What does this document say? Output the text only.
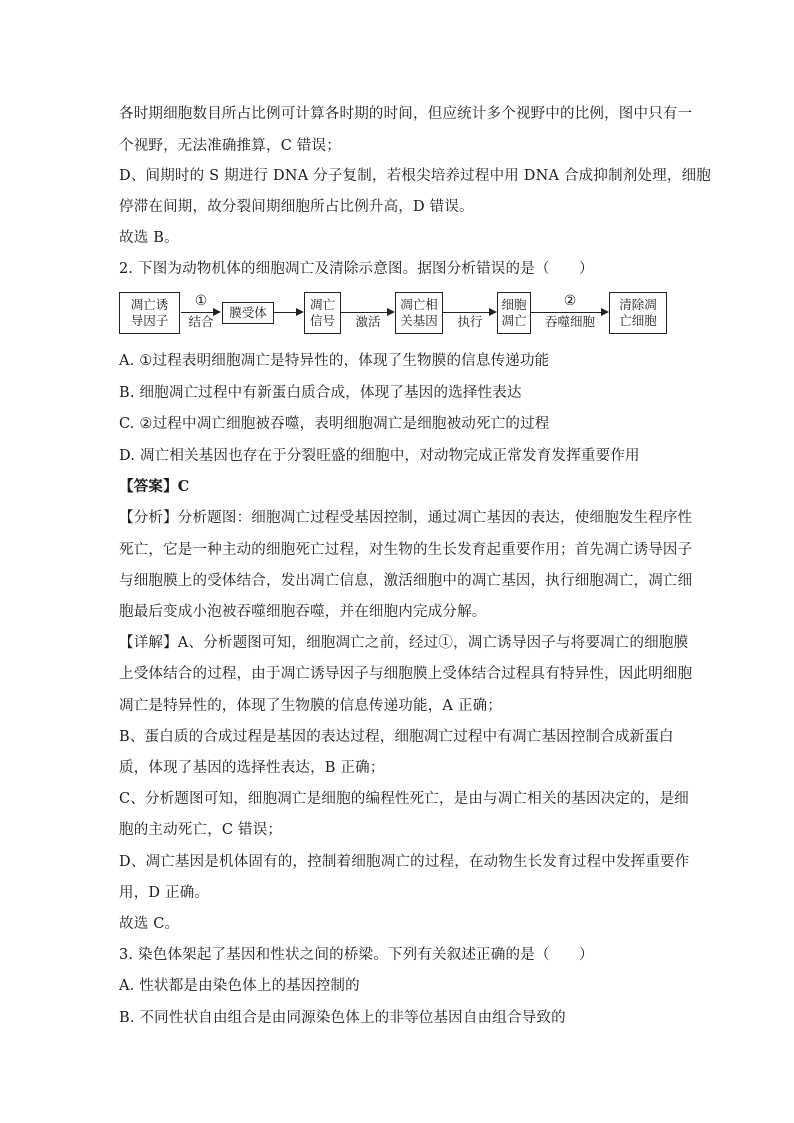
各时期细胞数目所占比例可计算各时期的时间，但应统计多个视野中的比例，图中只有一
个视野，无法准确推算，C 错误；
D、间期时的 S 期进行 DNA 分子复制，若根尖培养过程中用 DNA 合成抑制剂处理，细胞
停滞在间期，故分裂间期细胞所占比例升高，D 错误。
故选 B。
2. 下图为动物机体的细胞凋亡及清除示意图。据图分析错误的是（　　）
凋亡诱
导因子
①
结合
膜受体
凋亡
信号	激活
凋亡相
关基因	执行
细胞
凋亡
②
吞噬细胞
清除凋
亡细胞
A. ①过程表明细胞凋亡是特异性的，体现了生物膜的信息传递功能
B. 细胞凋亡过程中有新蛋白质合成，体现了基因的选择性表达
C. ②过程中凋亡细胞被吞噬，表明细胞凋亡是细胞被动死亡的过程
D. 凋亡相关基因也存在于分裂旺盛的细胞中，对动物完成正常发育发挥重要作用
【答案】C
【分析】分析题图：细胞凋亡过程受基因控制，通过凋亡基因的表达，使细胞发生程序性
死亡，它是一种主动的细胞死亡过程，对生物的生长发育起重要作用；首先凋亡诱导因子
与细胞膜上的受体结合，发出凋亡信息，激活细胞中的凋亡基因，执行细胞凋亡，凋亡细
胞最后变成小泡被吞噬细胞吞噬，并在细胞内完成分解。
【详解】A、分析题图可知，细胞凋亡之前，经过①，凋亡诱导因子与将要凋亡的细胞膜
上受体结合的过程，由于凋亡诱导因子与细胞膜上受体结合过程具有特异性，因此明细胞
凋亡是特异性的，体现了生物膜的信息传递功能，A 正确；
B、蛋白质的合成过程是基因的表达过程，细胞凋亡过程中有凋亡基因控制合成新蛋白
质，体现了基因的选择性表达，B 正确；
C、分析题图可知，细胞凋亡是细胞的编程性死亡，是由与凋亡相关的基因决定的，是细
胞的主动死亡，C 错误；
D、凋亡基因是机体固有的，控制着细胞凋亡的过程，在动物生长发育过程中发挥重要作
用，D 正确。
故选 C。
3. 染色体架起了基因和性状之间的桥梁。下列有关叙述正确的是（　　）
A. 性状都是由染色体上的基因控制的
B. 不同性状自由组合是由同源染色体上的非等位基因自由组合导致的
